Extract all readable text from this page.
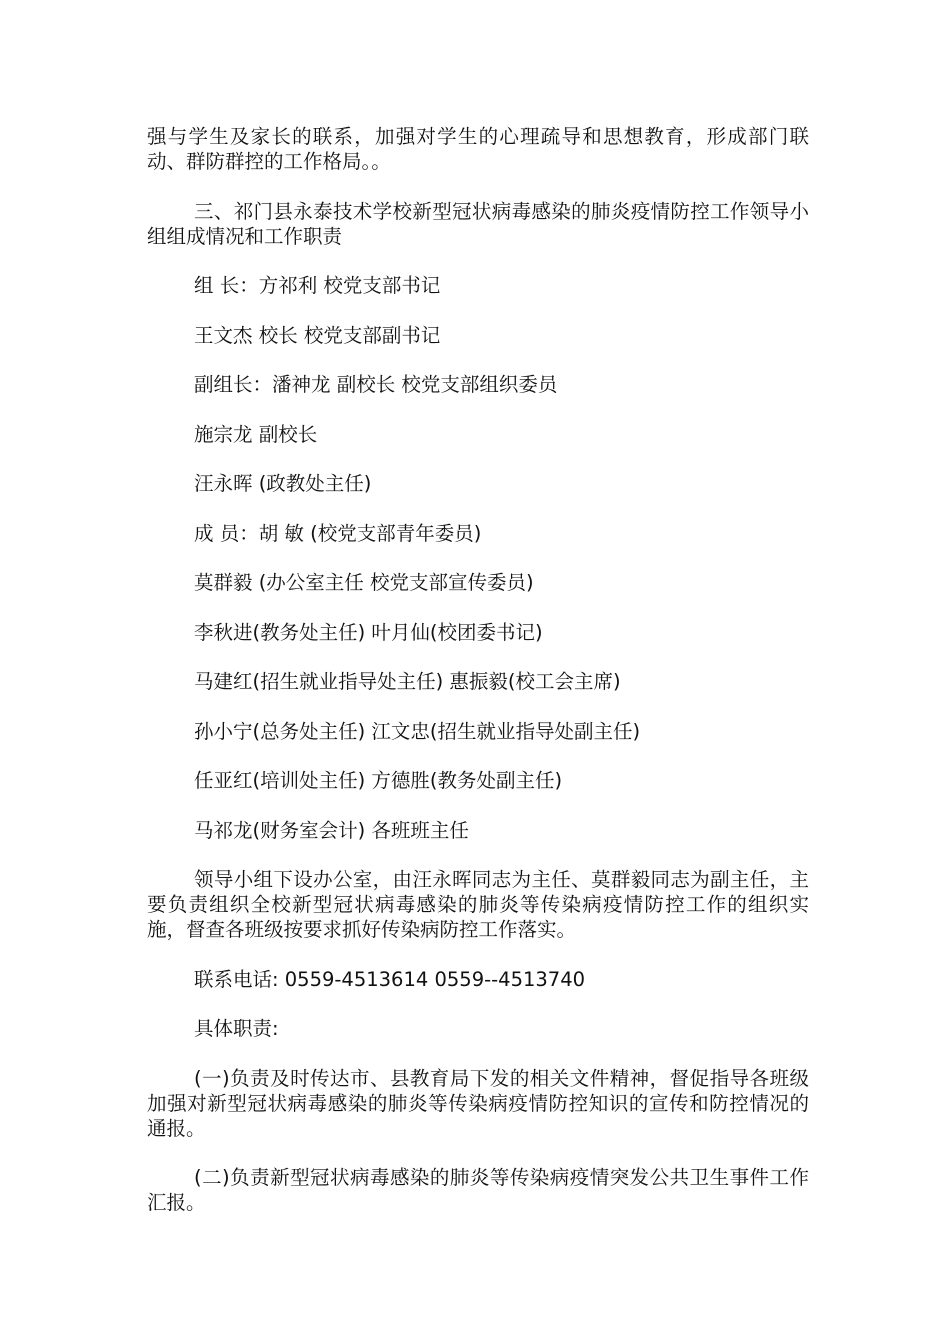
强与学生及家长的联系，加强对学生的心理疏导和思想教育，形成部门联动、群防群控的工作格局。。

三、祁门县永泰技术学校新型冠状病毒感染的肺炎疫情防控工作领导小组组成情况和工作职责

组 长：方祁利 校党支部书记

王文杰 校长 校党支部副书记

副组长：潘神龙 副校长 校党支部组织委员

施宗龙 副校长

汪永晖 (政教处主任)

成 员：胡 敏 (校党支部青年委员)

莫群毅 (办公室主任 校党支部宣传委员)

李秋进(教务处主任) 叶月仙(校团委书记)

马建红(招生就业指导处主任) 惠振毅(校工会主席)

孙小宁(总务处主任) 江文忠(招生就业指导处副主任)

任亚红(培训处主任) 方德胜(教务处副主任)

马祁龙(财务室会计) 各班班主任

领导小组下设办公室，由汪永晖同志为主任、莫群毅同志为副主任，主要负责组织全校新型冠状病毒感染的肺炎等传染病疫情防控工作的组织实施，督查各班级按要求抓好传染病防控工作落实。

联系电话: 0559-4513614 0559--4513740

具体职责:

(一)负责及时传达市、县教育局下发的相关文件精神，督促指导各班级加强对新型冠状病毒感染的肺炎等传染病疫情防控知识的宣传和防控情况的通报。

(二)负责新型冠状病毒感染的肺炎等传染病疫情突发公共卫生事件工作汇报。
